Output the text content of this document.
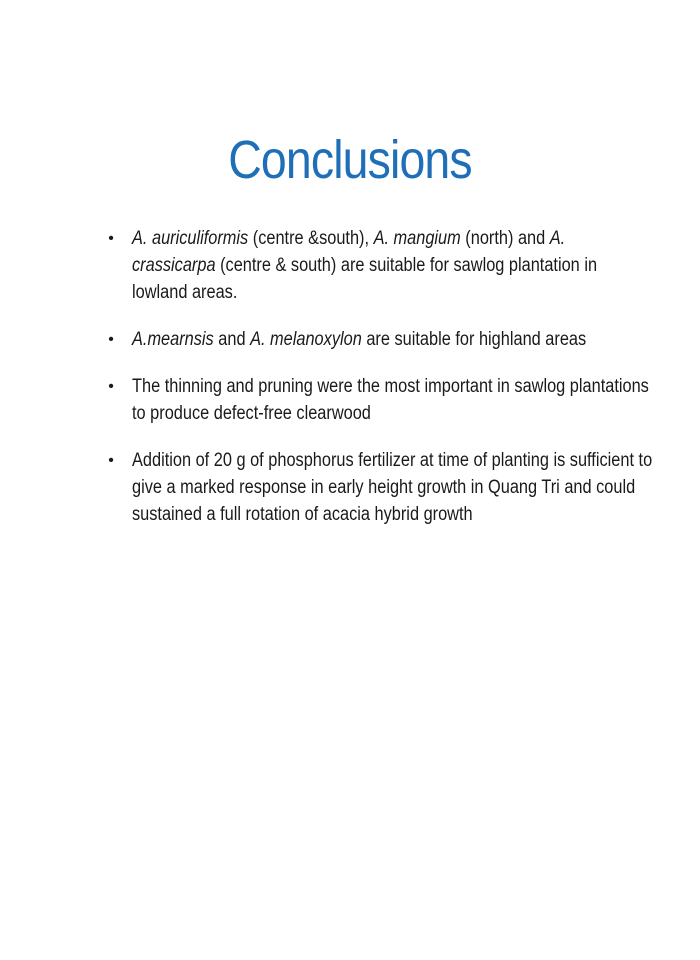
Conclusions
• A. auriculiformis (centre &south), A. mangium (north) and A. crassicarpa (centre & south) are suitable for sawlog plantation in lowland areas.
• A.mearnsis and A. melanoxylon are suitable for highland areas
• The thinning and pruning were the most important in sawlog plantations to produce defect-free clearwood
• Addition of 20 g of phosphorus fertilizer at time of planting is sufficient to give a marked response in early height growth in Quang Tri and could sustained a full rotation of acacia hybrid growth
